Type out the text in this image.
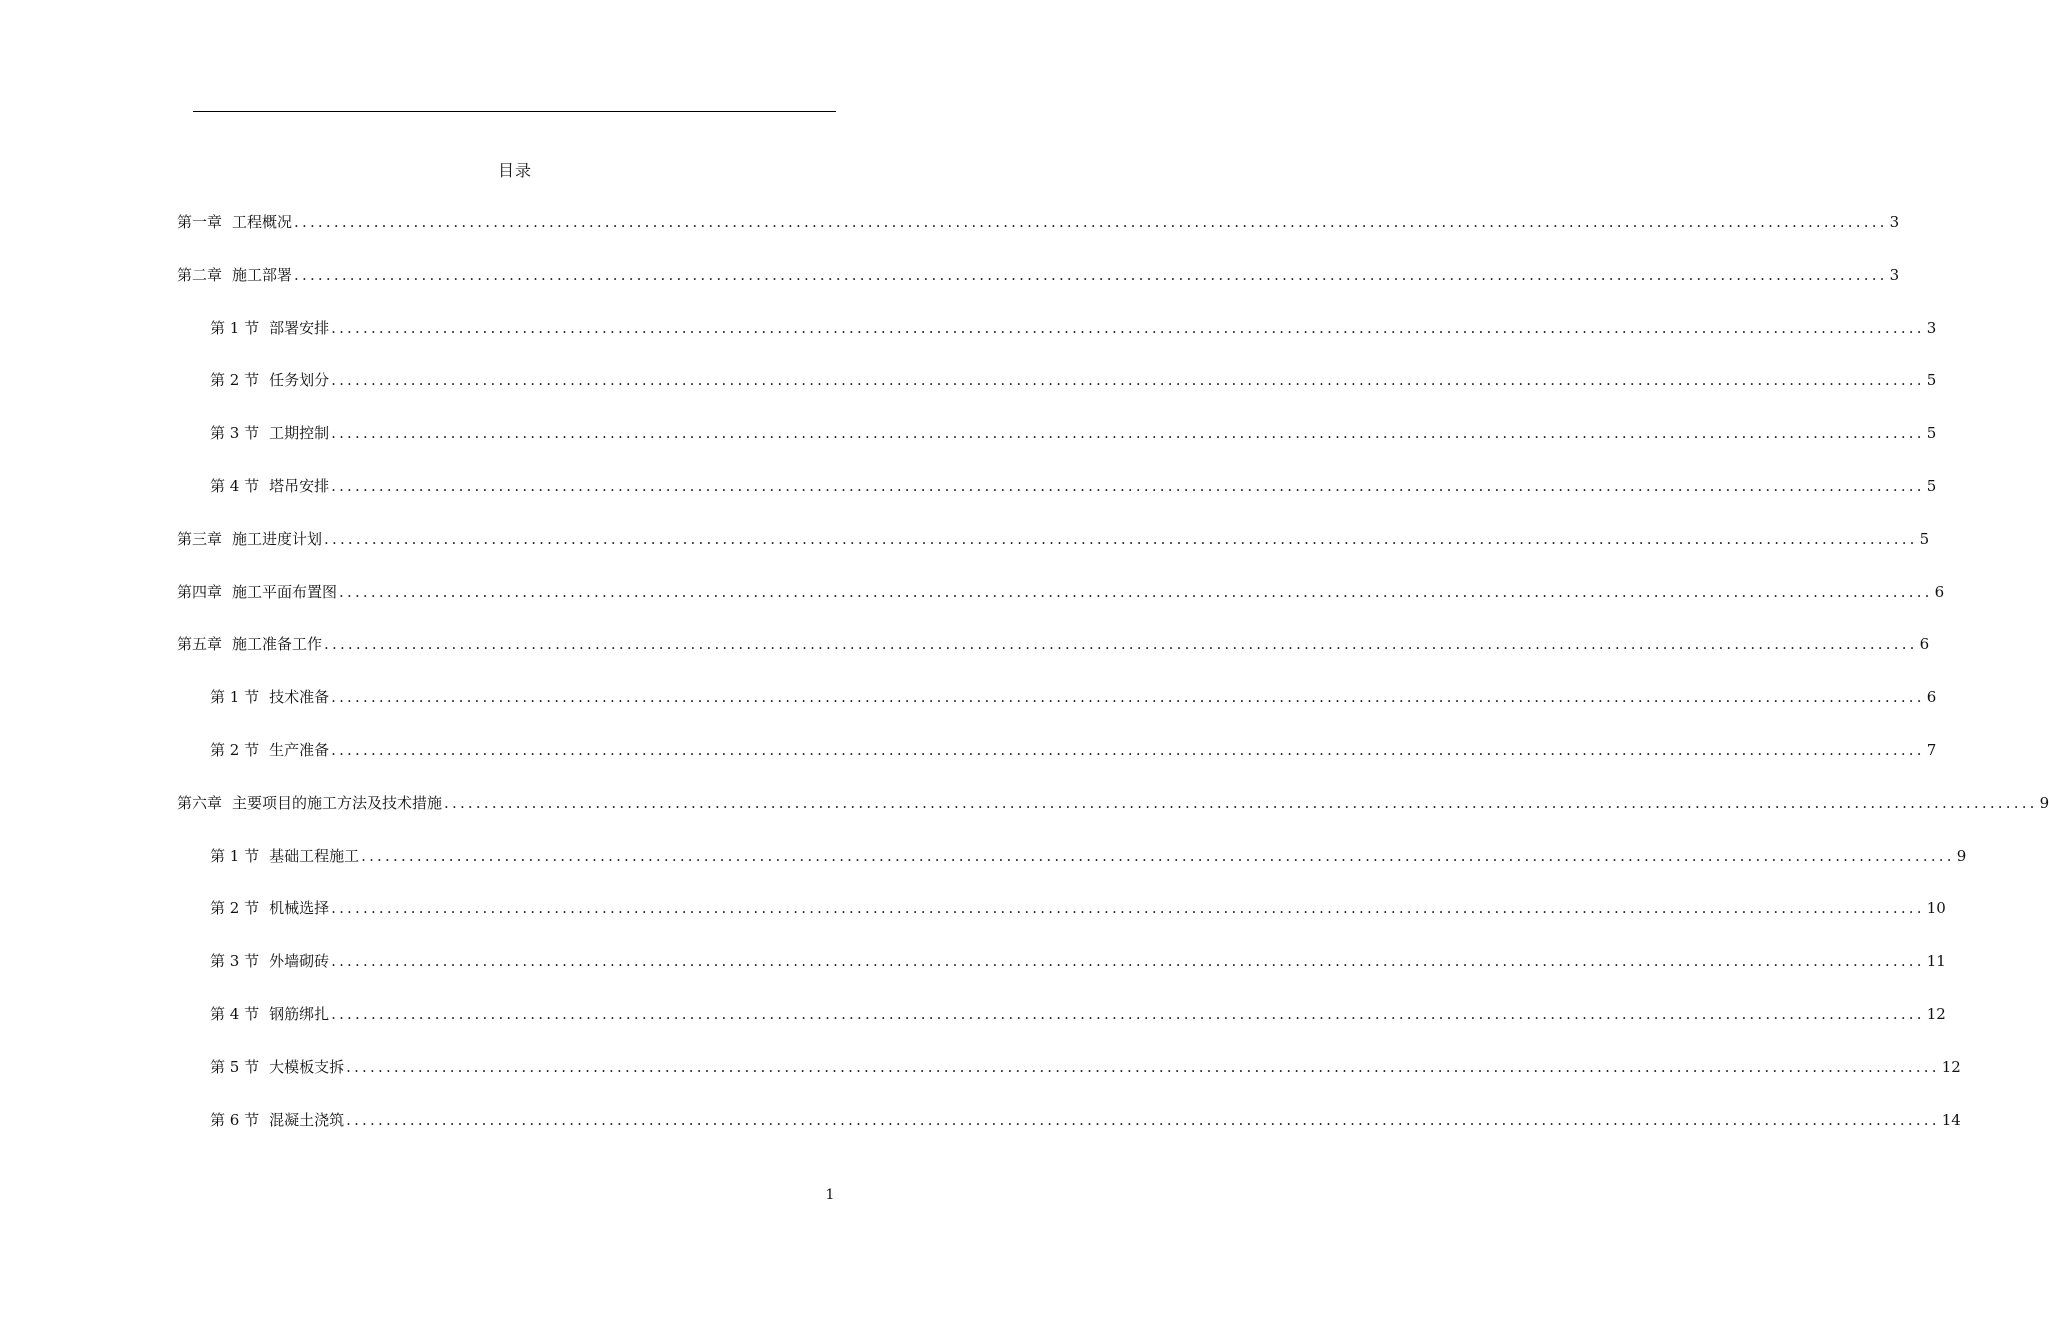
目录
第一章 工程概况 ........................................................................................................................................................................................................ 3
第二章 施工部署 ........................................................................................................................................................................................................ 3
第 1 节 部署安排 ........................................................................................................................................................................................................ 3
第 2 节 任务划分 ........................................................................................................................................................................................................ 5
第 3 节 工期控制 ........................................................................................................................................................................................................ 5
第 4 节 塔吊安排 ........................................................................................................................................................................................................ 5
第三章 施工进度计划 ........................................................................................................................................................................................................ 5
第四章 施工平面布置图 ........................................................................................................................................................................................................ 6
第五章 施工准备工作 ........................................................................................................................................................................................................ 6
第 1 节 技术准备 ........................................................................................................................................................................................................ 6
第 2 节 生产准备 ........................................................................................................................................................................................................ 7
第六章 主要项目的施工方法及技术措施 ........................................................................................................................................................................................................ 9
第 1 节 基础工程施工 ........................................................................................................................................................................................................ 9
第 2 节 机械选择 ........................................................................................................................................................................................................ 10
第 3 节 外墙砌砖 ........................................................................................................................................................................................................ 11
第 4 节 钢筋绑扎 ........................................................................................................................................................................................................ 12
第 5 节 大模板支拆 ........................................................................................................................................................................................................ 12
第 6 节 混凝土浇筑 ........................................................................................................................................................................................................ 14
1
